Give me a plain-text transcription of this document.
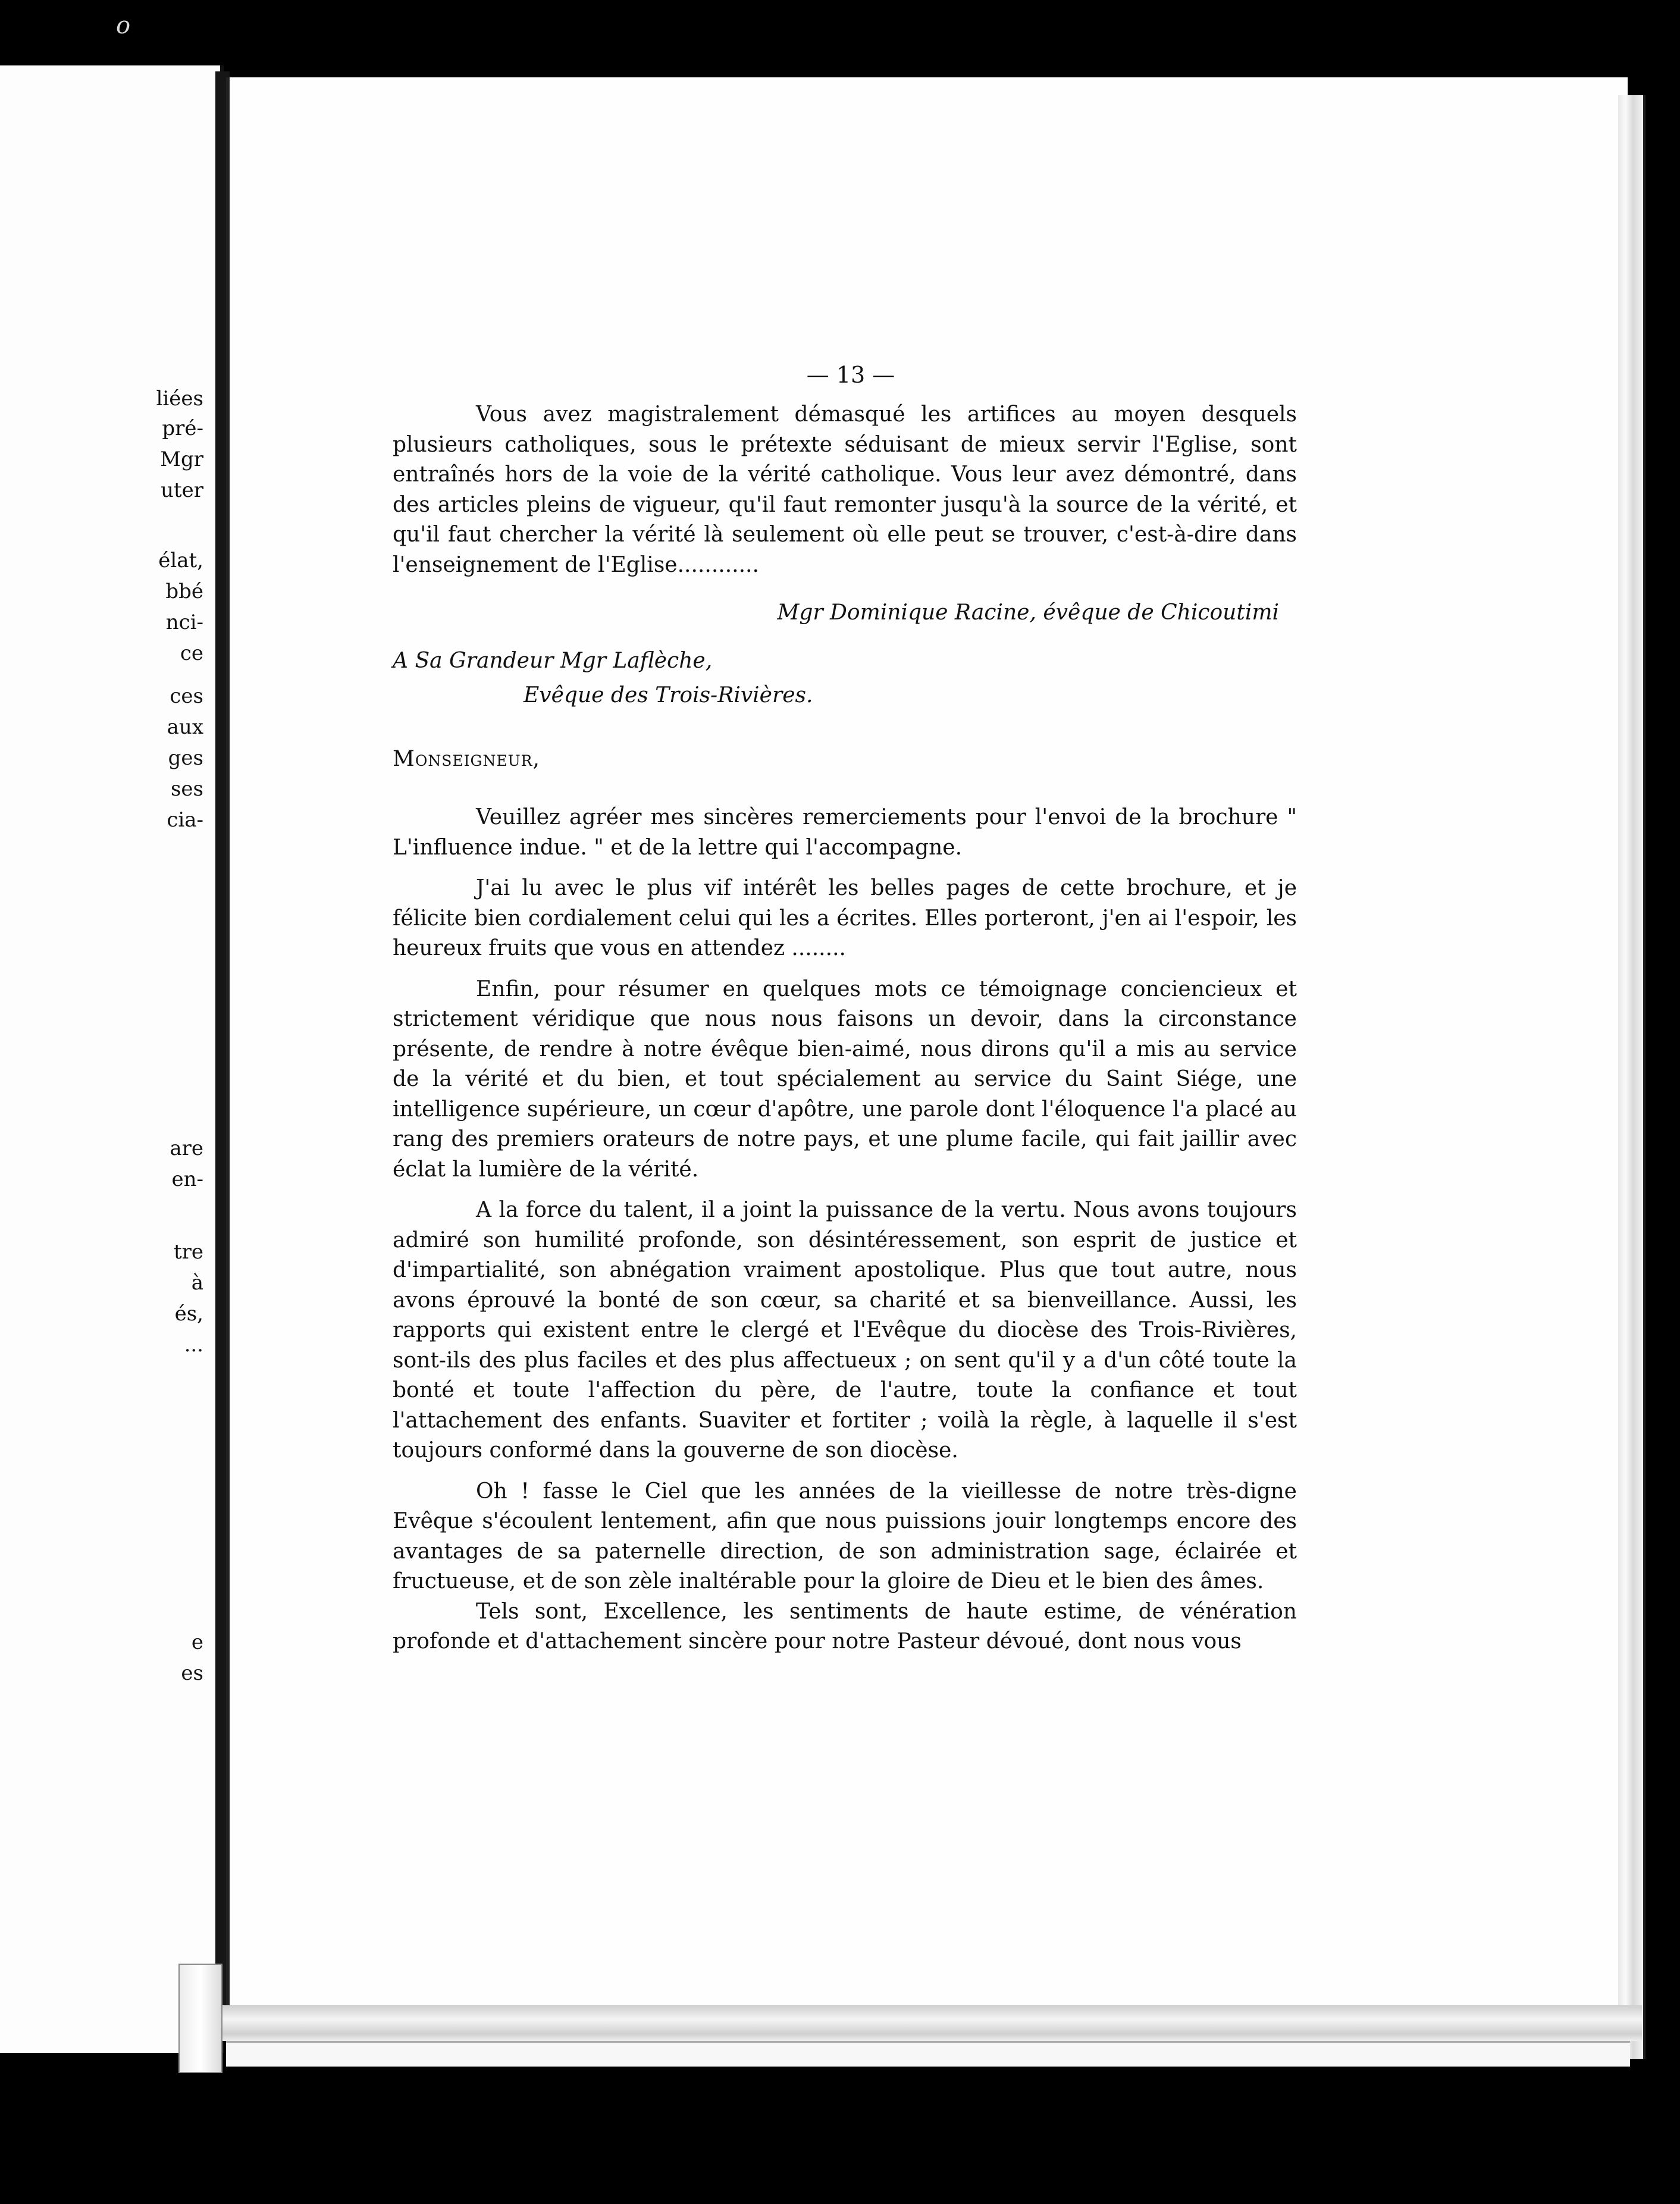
o
liées
pré-
Mgr
uter
élat,
bbé
nci-
ce
ces
aux
ges
ses
cia-
are
en-
tre
à
és,
...
e
es
— 13 —

Vous avez magistralement démasqué les artifices au moyen desquels plusieurs catholiques, sous le prétexte séduisant de mieux servir l'Eglise, sont entraînés hors de la voie de la vérité catholique. Vous leur avez démontré, dans des articles pleins de vigueur, qu'il faut remonter jusqu'à la source de la vérité, et qu'il faut chercher la vérité là seulement où elle peut se trouver, c'est-à-dire dans l'enseignement de l'Eglise............

Mgr Dominique Racine, évêque de Chicoutimi

A Sa Grandeur Mgr Laflèche,

Evêque des Trois-Rivières.

Monseigneur,

Veuillez agréer mes sincères remerciements pour l'envoi de la brochure " L'influence indue. " et de la lettre qui l'accompagne.

J'ai lu avec le plus vif intérêt les belles pages de cette brochure, et je félicite bien cordialement celui qui les a écrites. Elles porteront, j'en ai l'espoir, les heureux fruits que vous en attendez ........

Enfin, pour résumer en quelques mots ce témoignage conciencieux et strictement véridique que nous nous faisons un devoir, dans la circonstance présente, de rendre à notre évêque bien-aimé, nous dirons qu'il a mis au service de la vérité et du bien, et tout spécialement au service du Saint Siége, une intelligence supérieure, un cœur d'apôtre, une parole dont l'éloquence l'a placé au rang des premiers orateurs de notre pays, et une plume facile, qui fait jaillir avec éclat la lumière de la vérité.

A la force du talent, il a joint la puissance de la vertu. Nous avons toujours admiré son humilité profonde, son désintéressement, son esprit de justice et d'impartialité, son abnégation vraiment apostolique. Plus que tout autre, nous avons éprouvé la bonté de son cœur, sa charité et sa bienveillance. Aussi, les rapports qui existent entre le clergé et l'Evêque du diocèse des Trois-Rivières, sont-ils des plus faciles et des plus affectueux ; on sent qu'il y a d'un côté toute la bonté et toute l'affection du père, de l'autre, toute la confiance et tout l'attachement des enfants. Suaviter et fortiter ; voilà la règle, à laquelle il s'est toujours conformé dans la gouverne de son diocèse.

Oh ! fasse le Ciel que les années de la vieillesse de notre très-digne Evêque s'écoulent lentement, afin que nous puissions jouir longtemps encore des avantages de sa paternelle direction, de son administration sage, éclairée et fructueuse, et de son zèle inaltérable pour la gloire de Dieu et le bien des âmes.

Tels sont, Excellence, les sentiments de haute estime, de vénération profonde et d'attachement sincère pour notre Pasteur dévoué, dont nous vous
